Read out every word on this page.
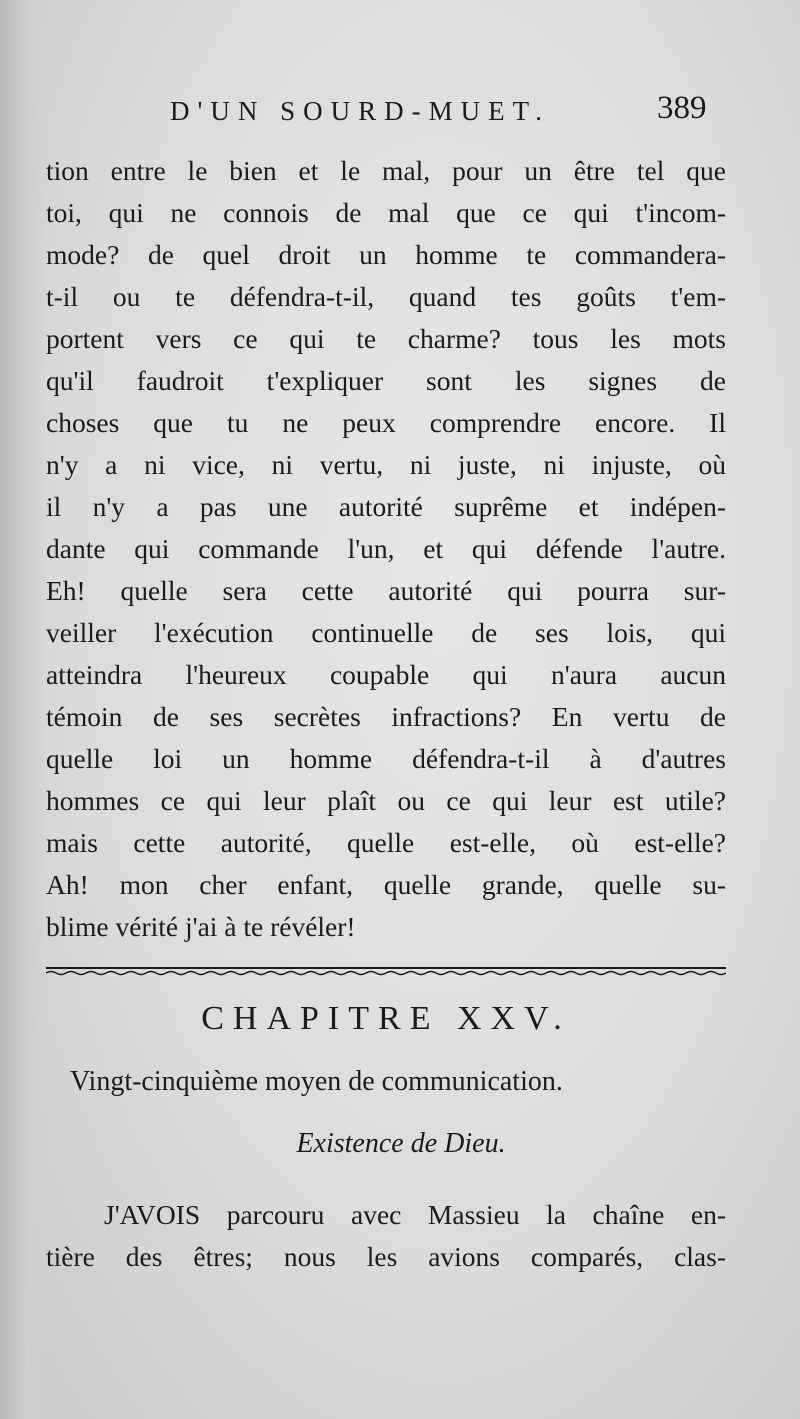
D'UN SOURD-MUET.	389
tion entre le bien et le mal, pour un être tel que
toi, qui ne connois de mal que ce qui t'incom-
mode? de quel droit un homme te commandera-
t-il ou te défendra-t-il, quand tes goûts t'em-
portent vers ce qui te charme? tous les mots
qu'il faudroit t'expliquer sont les signes de
choses que tu ne peux comprendre encore. Il
n'y a ni vice, ni vertu, ni juste, ni injuste, où
il n'y a pas une autorité suprême et indépen-
dante qui commande l'un, et qui défende l'autre.
Eh! quelle sera cette autorité qui pourra sur-
veiller l'exécution continuelle de ses lois, qui
atteindra l'heureux coupable qui n'aura aucun
témoin de ses secrètes infractions? En vertu de
quelle loi un homme défendra-t-il à d'autres
hommes ce qui leur plaît ou ce qui leur est utile?
mais cette autorité, quelle est-elle, où est-elle?
Ah! mon cher enfant, quelle grande, quelle su-
blime vérité j'ai à te révéler!
CHAPITRE XXV.
Vingt-cinquième moyen de communication.
Existence de Dieu.
J'AVOIS parcouru avec Massieu la chaîne en-
tière des êtres; nous les avions comparés, clas-
